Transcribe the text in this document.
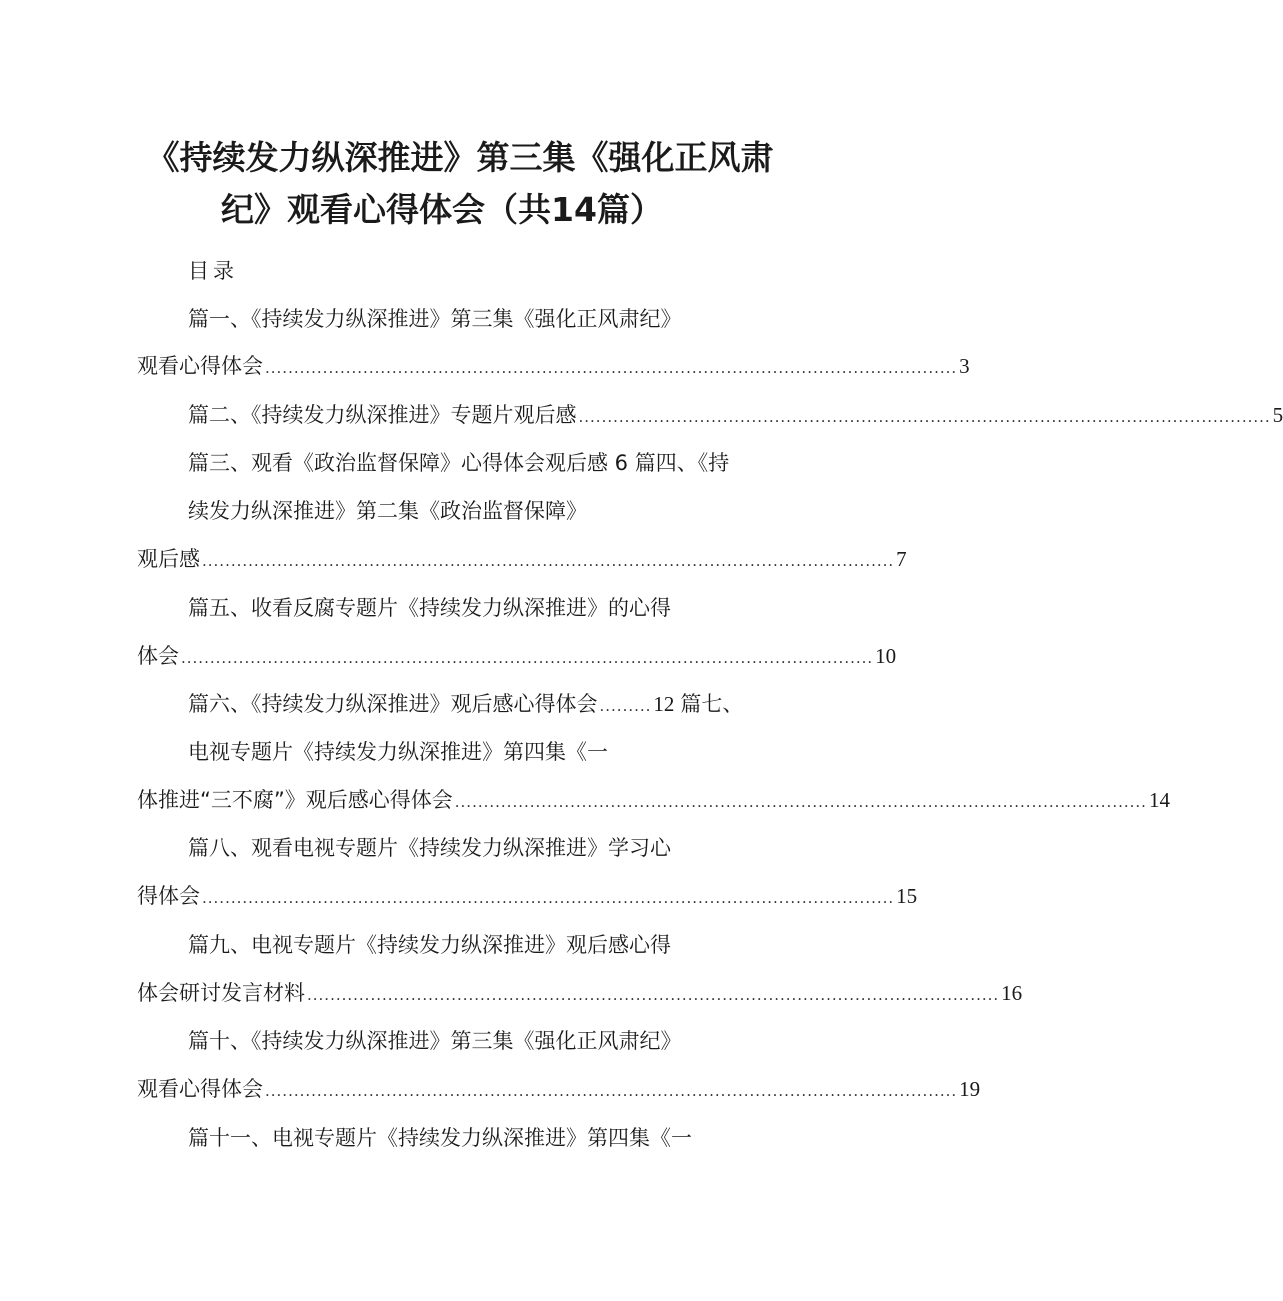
《持续发力纵深推进》第三集《强化正风肃
纪》观看心得体会（共14篇）
目录
篇一、《持续发力纵深推进》第三集《强化正风肃纪》
观看心得体会 ........................................................................................................................ 3
篇二、《持续发力纵深推进》专题片观后感 ........................................................................................................................ 5
篇三、观看《政治监督保障》心得体会观后感 6 篇四、《持
续发力纵深推进》第二集《政治监督保障》
观后感 ........................................................................................................................ 7
篇五、收看反腐专题片《持续发力纵深推进》的心得
体会 ........................................................................................................................ 10
篇六、《持续发力纵深推进》观后感心得体会 ......... 12 篇七、
电视专题片《持续发力纵深推进》第四集《一
体推进“三不腐”》观后感心得体会 ........................................................................................................................ 14
篇八、观看电视专题片《持续发力纵深推进》学习心
得体会 ........................................................................................................................ 15
篇九、电视专题片《持续发力纵深推进》观后感心得
体会研讨发言材料 ........................................................................................................................ 16
篇十、《持续发力纵深推进》第三集《强化正风肃纪》
观看心得体会 ........................................................................................................................ 19
篇十一、电视专题片《持续发力纵深推进》第四集《一
